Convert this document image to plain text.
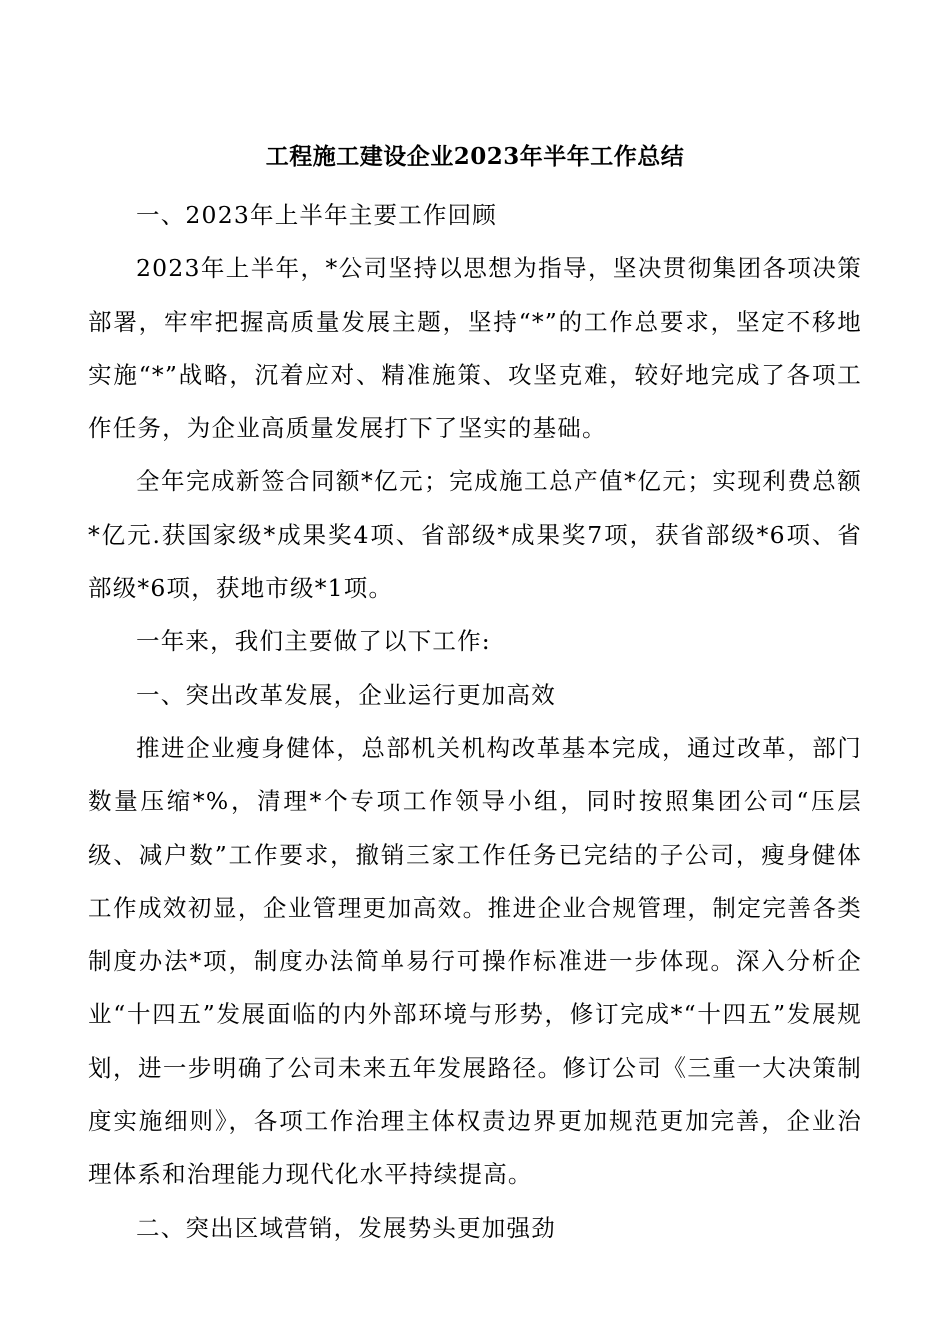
工程施工建设企业2023年半年工作总结

一、2023年上半年主要工作回顾

2023年上半年，*公司坚持以思想为指导，坚决贯彻集团各项决策部署，牢牢把握高质量发展主题，坚持“*”的工作总要求，坚定不移地实施“*”战略，沉着应对、精准施策、攻坚克难，较好地完成了各项工作任务，为企业高质量发展打下了坚实的基础。

全年完成新签合同额*亿元；完成施工总产值*亿元；实现利费总额*亿元.获国家级*成果奖4项、省部级*成果奖7项，获省部级*6项、省部级*6项，获地市级*1项。

一年来，我们主要做了以下工作:

一、突出改革发展，企业运行更加高效

推进企业瘦身健体，总部机关机构改革基本完成，通过改革，部门数量压缩*%，清理*个专项工作领导小组，同时按照集团公司“压层级、减户数”工作要求，撤销三家工作任务已完结的子公司，瘦身健体工作成效初显，企业管理更加高效。推进企业合规管理，制定完善各类制度办法*项，制度办法简单易行可操作标准进一步体现。深入分析企业“十四五”发展面临的内外部环境与形势，修订完成*“十四五”发展规划，进一步明确了公司未来五年发展路径。修订公司《三重一大决策制度实施细则》，各项工作治理主体权责边界更加规范更加完善，企业治理体系和治理能力现代化水平持续提高。

二、突出区域营销，发展势头更加强劲
